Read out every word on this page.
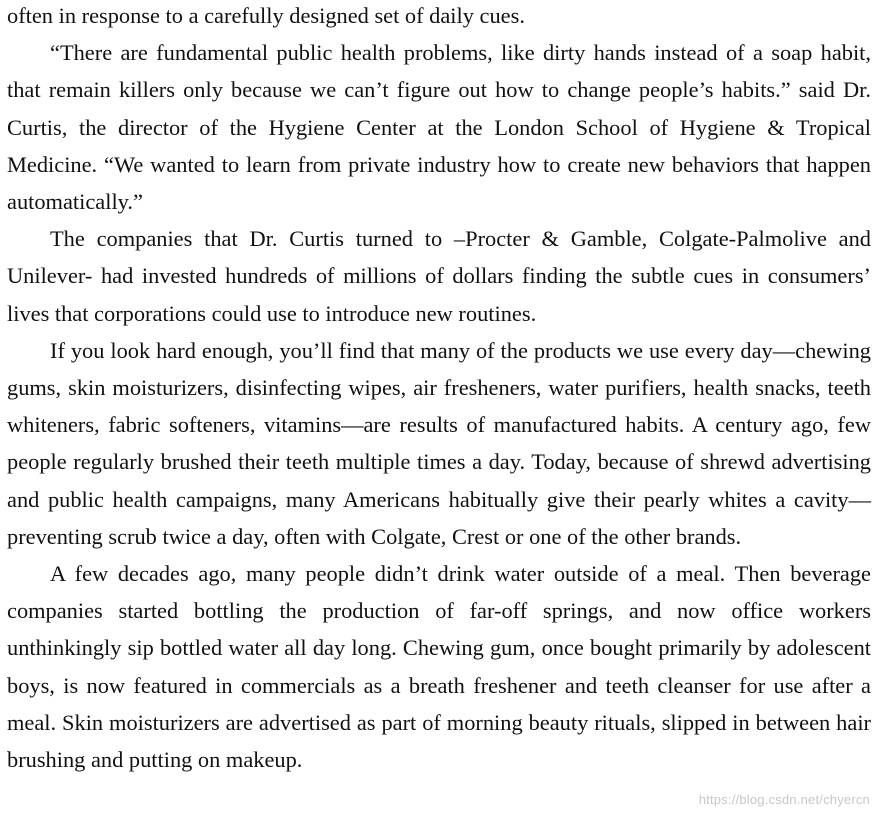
often in response to a carefully designed set of daily cues.

“There are fundamental public health problems, like dirty hands instead of a soap habit, that remain killers only because we can’t figure out how to change people’s habits.” said Dr. Curtis, the director of the Hygiene Center at the London School of Hygiene & Tropical Medicine. “We wanted to learn from private industry how to create new behaviors that happen automatically.”

The companies that Dr. Curtis turned to –Procter & Gamble, Colgate-Palmolive and Unilever- had invested hundreds of millions of dollars finding the subtle cues in consumers’ lives that corporations could use to introduce new routines.

If you look hard enough, you’ll find that many of the products we use every day—chewing gums, skin moisturizers, disinfecting wipes, air fresheners, water purifiers, health snacks, teeth whiteners, fabric softeners, vitamins—are results of manufactured habits. A century ago, few people regularly brushed their teeth multiple times a day. Today, because of shrewd advertising and public health campaigns, many Americans habitually give their pearly whites a cavity—preventing scrub twice a day, often with Colgate, Crest or one of the other brands.

A few decades ago, many people didn’t drink water outside of a meal. Then beverage companies started bottling the production of far-off springs, and now office workers unthinkingly sip bottled water all day long. Chewing gum, once bought primarily by adolescent boys, is now featured in commercials as a breath freshener and teeth cleanser for use after a meal. Skin moisturizers are advertised as part of morning beauty rituals, slipped in between hair brushing and putting on makeup.

https://blog.csdn.net/chyercn
